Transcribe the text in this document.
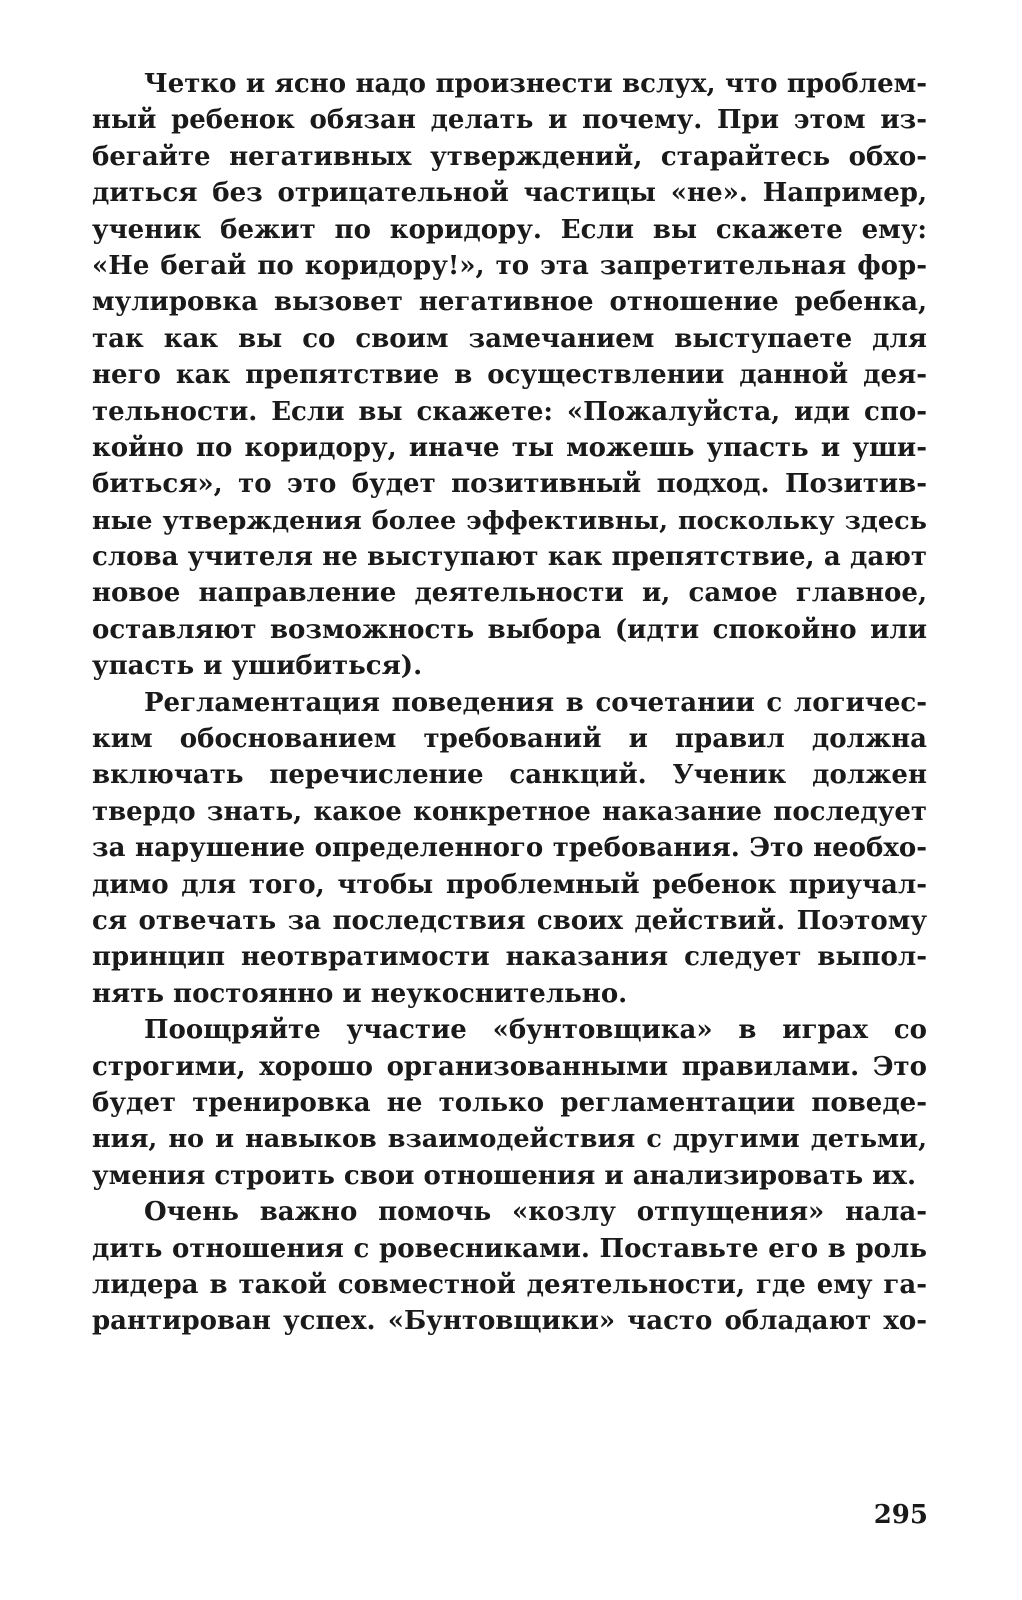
Четко и ясно надо произнести вслух, что проблем-
ный ребенок обязан делать и почему. При этом из-
бегайте негативных утверждений, старайтесь обхо-
диться без отрицательной частицы «не». Например,
ученик бежит по коридору. Если вы скажете ему:
«Не бегай по коридору!», то эта запретительная фор-
мулировка вызовет негативное отношение ребенка,
так как вы со своим замечанием выступаете для
него как препятствие в осуществлении данной дея-
тельности. Если вы скажете: «Пожалуйста, иди спо-
койно по коридору, иначе ты можешь упасть и уши-
биться», то это будет позитивный подход. Позитив-
ные утверждения более эффективны, поскольку здесь
слова учителя не выступают как препятствие, а дают
новое направление деятельности и, самое главное,
оставляют возможность выбора (идти спокойно или
упасть и ушибиться).
Регламентация поведения в сочетании с логичес-
ким обоснованием требований и правил должна
включать перечисление санкций. Ученик должен
твердо знать, какое конкретное наказание последует
за нарушение определенного требования. Это необхо-
димо для того, чтобы проблемный ребенок приучал-
ся отвечать за последствия своих действий. Поэтому
принцип неотвратимости наказания следует выпол-
нять постоянно и неукоснительно.
Поощряйте участие «бунтовщика» в играх со
строгими, хорошо организованными правилами. Это
будет тренировка не только регламентации поведе-
ния, но и навыков взаимодействия с другими детьми,
умения строить свои отношения и анализировать их.
Очень важно помочь «козлу отпущения» нала-
дить отношения с ровесниками. Поставьте его в роль
лидера в такой совместной деятельности, где ему га-
рантирован успех. «Бунтовщики» часто обладают хо-
295
